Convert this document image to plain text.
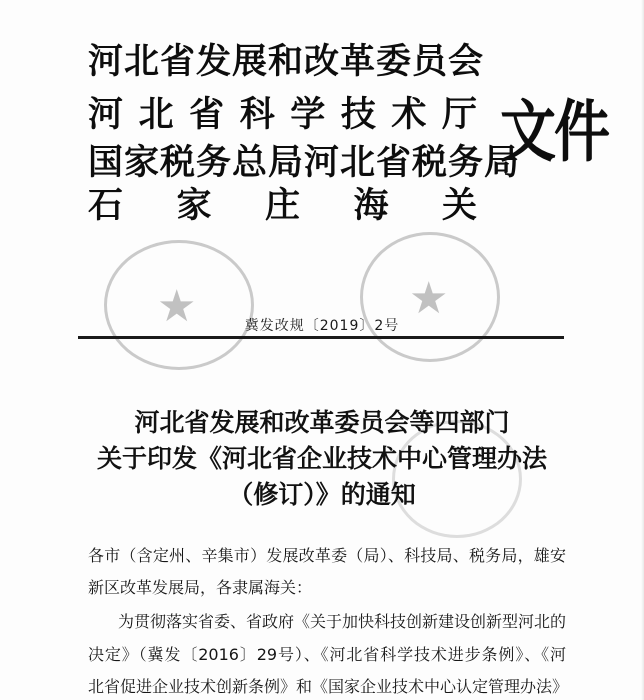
★	★
河北省发展和改革委员会
河 北 省 科 学 技 术 厅
国家税务总局河北省税务局
石 家 庄 海 关
文件
冀发改规〔2019〕2号
河北省发展和改革委员会等四部门
关于印发《河北省企业技术中心管理办法
（修订）》的通知
各市（含定州、辛集市）发展改革委（局）、科技局、税务局，雄安
新区改革发展局，各隶属海关：
为贯彻落实省委、省政府《关于加快科技创新建设创新型河北的
决定》（冀发〔2016〕29号）、《河北省科学技术进步条例》、《河
北省促进企业技术创新条例》和《国家企业技术中心认定管理办法》
